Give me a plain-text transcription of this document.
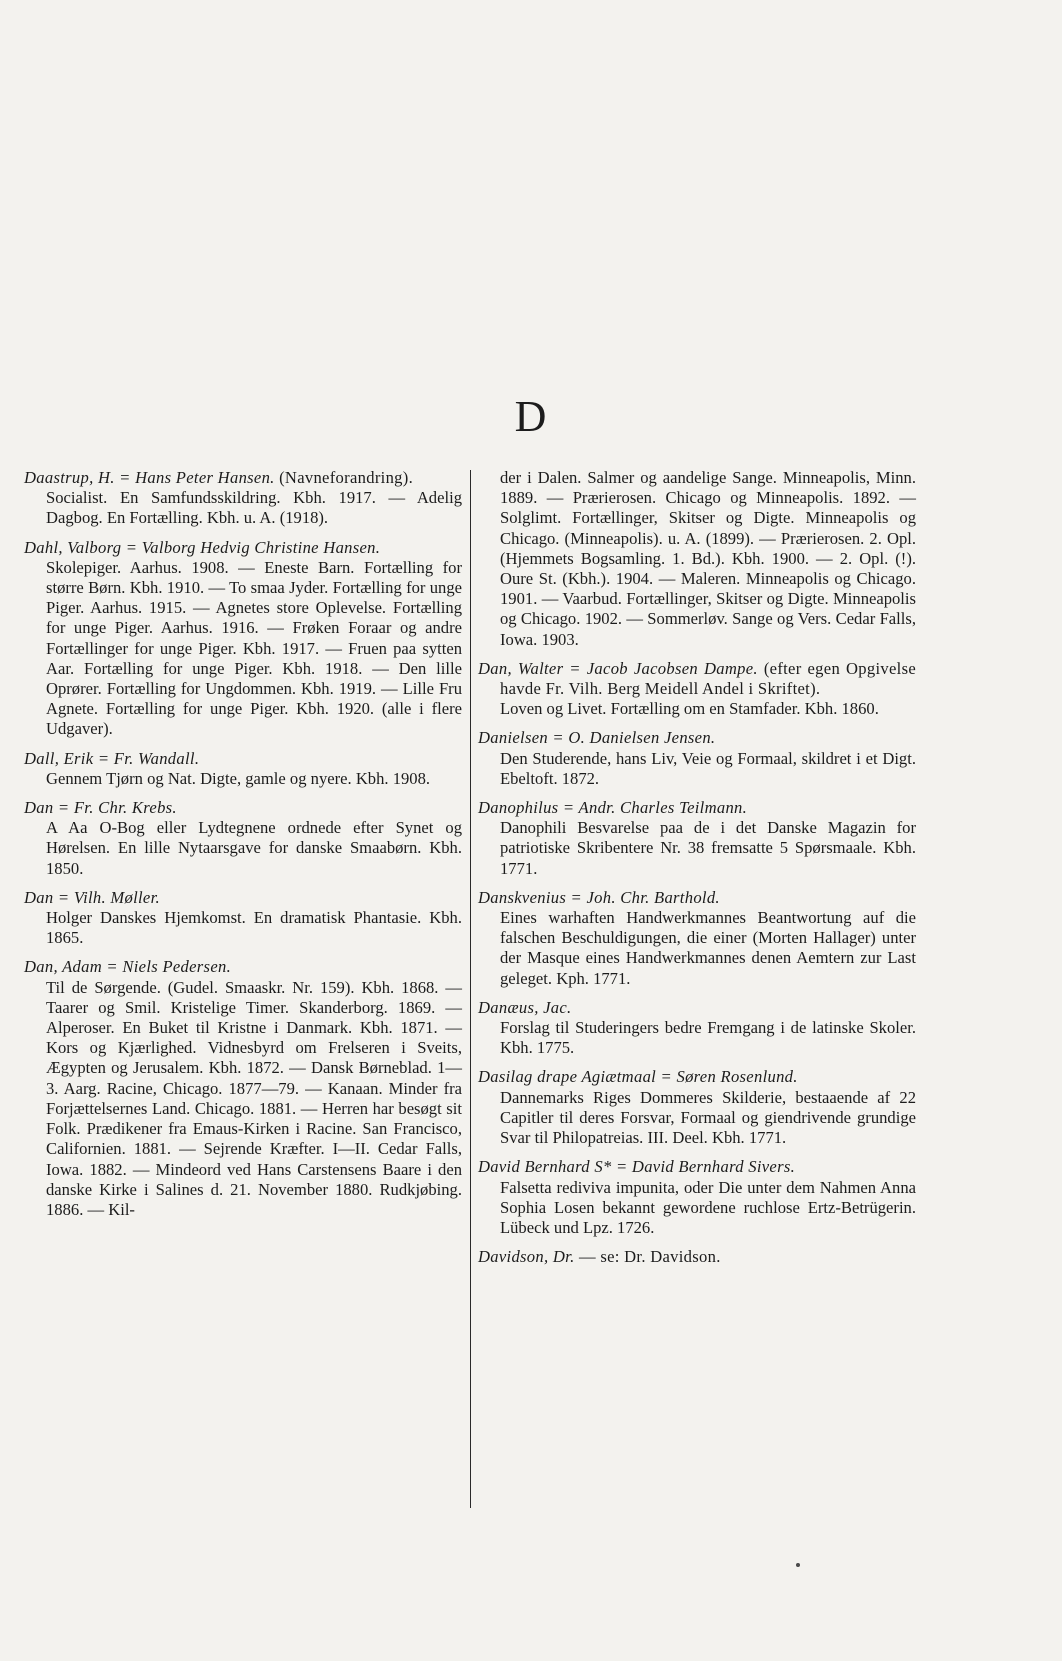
D
Daastrup, H. = Hans Peter Hansen. (Navneforandring).
Socialist. En Samfundsskildring. Kbh. 1917. — Adelig Dagbog. En Fortælling. Kbh. u. A. (1918).
Dahl, Valborg = Valborg Hedvig Christine Hansen.
Skolepiger. Aarhus. 1908. — Eneste Barn. Fortælling for større Børn. Kbh. 1910. — To smaa Jyder. Fortælling for unge Piger. Aarhus. 1915. — Agnetes store Oplevelse. Fortælling for unge Piger. Aarhus. 1916. — Frøken Foraar og andre Fortællinger for unge Piger. Kbh. 1917. — Fruen paa sytten Aar. Fortælling for unge Piger. Kbh. 1918. — Den lille Oprører. Fortælling for Ungdommen. Kbh. 1919. — Lille Fru Agnete. Fortælling for unge Piger. Kbh. 1920. (alle i flere Udgaver).
Dall, Erik = Fr. Wandall.
Gennem Tjørn og Nat. Digte, gamle og nyere. Kbh. 1908.
Dan = Fr. Chr. Krebs.
A Aa O-Bog eller Lydtegnene ordnede efter Synet og Hørelsen. En lille Nytaarsgave for danske Smaabørn. Kbh. 1850.
Dan = Vilh. Møller.
Holger Danskes Hjemkomst. En dramatisk Phantasie. Kbh. 1865.
Dan, Adam = Niels Pedersen.
Til de Sørgende. (Gudel. Smaaskr. Nr. 159). Kbh. 1868. — Taarer og Smil. Kristelige Timer. Skanderborg. 1869. — Alperoser. En Buket til Kristne i Danmark. Kbh. 1871. — Kors og Kjærlighed. Vidnesbyrd om Frelseren i Sveits, Ægypten og Jerusalem. Kbh. 1872. — Dansk Børneblad. 1—3. Aarg. Racine, Chicago. 1877—79. — Kanaan. Minder fra Forjættelsernes Land. Chicago. 1881. — Herren har besøgt sit Folk. Prædikener fra Emaus-Kirken i Racine. San Francisco, Californien. 1881. — Sejrende Kræfter. I—II. Cedar Falls, Iowa. 1882. — Mindeord ved Hans Carstensens Baare i den danske Kirke i Salines d. 21. November 1880. Rudkjøbing. 1886. — Kil-
der i Dalen. Salmer og aandelige Sange. Minneapolis, Minn. 1889. — Prærierosen. Chicago og Minneapolis. 1892. — Solglimt. Fortællinger, Skitser og Digte. Minneapolis og Chicago. (Minneapolis). u. A. (1899). — Prærierosen. 2. Opl. (Hjemmets Bogsamling. 1. Bd.). Kbh. 1900. — 2. Opl. (!). Oure St. (Kbh.). 1904. — Maleren. Minneapolis og Chicago. 1901. — Vaarbud. Fortællinger, Skitser og Digte. Minneapolis og Chicago. 1902. — Sommerløv. Sange og Vers. Cedar Falls, Iowa. 1903.
Dan, Walter = Jacob Jacobsen Dampe. (efter egen Opgivelse havde Fr. Vilh. Berg Meidell Andel i Skriftet).
Loven og Livet. Fortælling om en Stamfader. Kbh. 1860.
Danielsen = O. Danielsen Jensen.
Den Studerende, hans Liv, Veie og Formaal, skildret i et Digt. Ebeltoft. 1872.
Danophilus = Andr. Charles Teilmann.
Danophili Besvarelse paa de i det Danske Magazin for patriotiske Skribentere Nr. 38 fremsatte 5 Spørsmaale. Kbh. 1771.
Danskvenius = Joh. Chr. Barthold.
Eines warhaften Handwerkmannes Beantwortung auf die falschen Beschuldigungen, die einer (Morten Hallager) unter der Masque eines Handwerkmannes denen Aemtern zur Last geleget. Kph. 1771.
Danæus, Jac.
Forslag til Studeringers bedre Fremgang i de latinske Skoler. Kbh. 1775.
Dasilag drape Agiætmaal = Søren Rosenlund.
Dannemarks Riges Dommeres Skilderie, bestaaende af 22 Capitler til deres Forsvar, Formaal og giendrivende grundige Svar til Philopatreias. III. Deel. Kbh. 1771.
David Bernhard S* = David Bernhard Sivers.
Falsetta rediviva impunita, oder Die unter dem Nahmen Anna Sophia Losen bekannt gewordene ruchlose Ertz-Betrügerin. Lübeck und Lpz. 1726.
Davidson, Dr. — se: Dr. Davidson.
